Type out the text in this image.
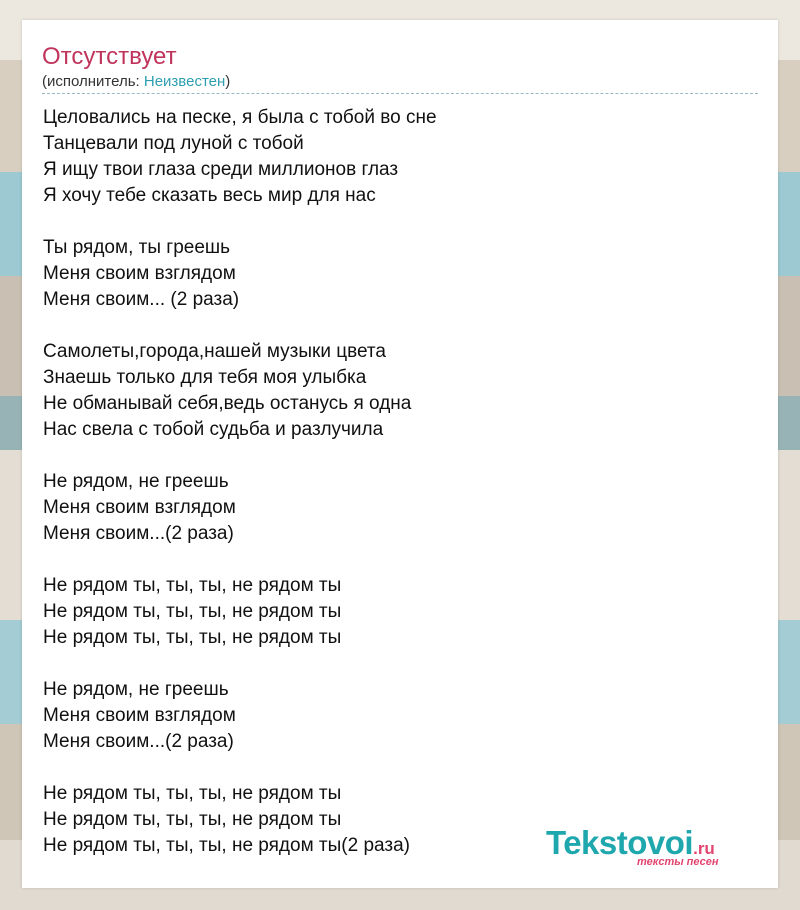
Отсутствует
(исполнитель: Неизвестен)
Целовались на песке, я была с тобой во сне
Танцевали под луной с тобой
Я ищу твои глаза среди миллионов глаз
Я хочу тебе сказать весь мир для нас

Ты рядом, ты греешь
Меня своим взглядом
Меня своим... (2 раза)

Самолеты,города,нашей музыки цвета
Знаешь только для тебя моя улыбка
Не обманывай себя,ведь останусь я одна
Нас свела с тобой судьба и разлучила

Не рядом, не греешь
Меня своим взглядом
Меня своим...(2 раза)

Не рядом ты, ты, ты, не рядом ты
Не рядом ты, ты, ты, не рядом ты
Не рядом ты, ты, ты, не рядом ты

Не рядом, не греешь
Меня своим взглядом
Меня своим...(2 раза)

Не рядом ты, ты, ты, не рядом ты
Не рядом ты, ты, ты, не рядом ты
Не рядом ты, ты, ты, не рядом ты(2 раза)	Tekstovoi.ru
тексты песен
